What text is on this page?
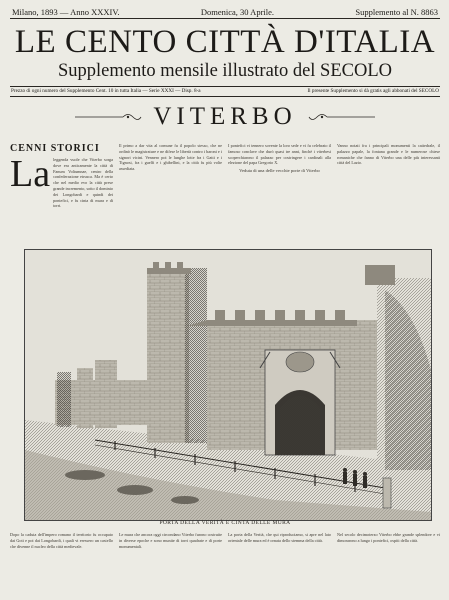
Milano, 1893 — Anno XXXIV.	Domenica, 30 Aprile.	Supplemento al N. 8863
LE CENTO CITTÀ D'ITALIA
Supplemento mensile illustrato del SECOLO
Prezzo di ogni numero del Supplemento Cent. 10 in tutta Italia — Serie XXXI — Disp. 8-a	Il presente Supplemento si dà gratis agli abbonati del SECOLO
VITERBO
CENNI STORICI
La leggenda vuole che Viterbo sorga dove era anticamente la città di Fanum Voltumnae, centro della confederazione etrusca. Ma è certo che nel medio evo la città prese grande incremento, sotto il dominio dei Longobardi e quindi dei pontefici, e fu cinta di mura e di torri.

Il primo a dar vita al comune fu il popolo stesso, che ne ordinò le magistrature e ne difese le libertà contro i baroni e i signori vicini. Vennero poi le lunghe lotte fra i Gatti e i Tignosi, fra i guelfi e i ghibellini, e la città fu più volte assediata.

I pontefici vi tennero sovente la loro sede e vi fu celebrato il famoso conclave che durò quasi tre anni, finchè i viterbesi scoperchiarono il palazzo per costringere i cardinali alla elezione del papa Gregorio X.

Veduta di una delle vecchie porte di Viterbo

Vanno notati fra i principali monumenti la cattedrale, il palazzo papale, la fontana grande e le numerose chiese romaniche che fanno di Viterbo una delle più interessanti città del Lazio.

PORTA DELLA VERITÀ E CINTA DELLE MURA

Dopo la caduta dell'impero romano il territorio fu occupato dai Goti e poi dai Longobardi, i quali vi eressero un castello che divenne il nucleo della città medievale.

Le mura che ancora oggi circondano Viterbo furono costruite in diverse epoche e sono munite di torri quadrate e di porte monumentali.

La porta della Verità, che qui riproduciamo, si apre nel lato orientale delle mura ed è ornata dello stemma della città.

Nel secolo decimoterzo Viterbo ebbe grande splendore e vi dimorarono a lungo i pontefici, ospiti della città.
